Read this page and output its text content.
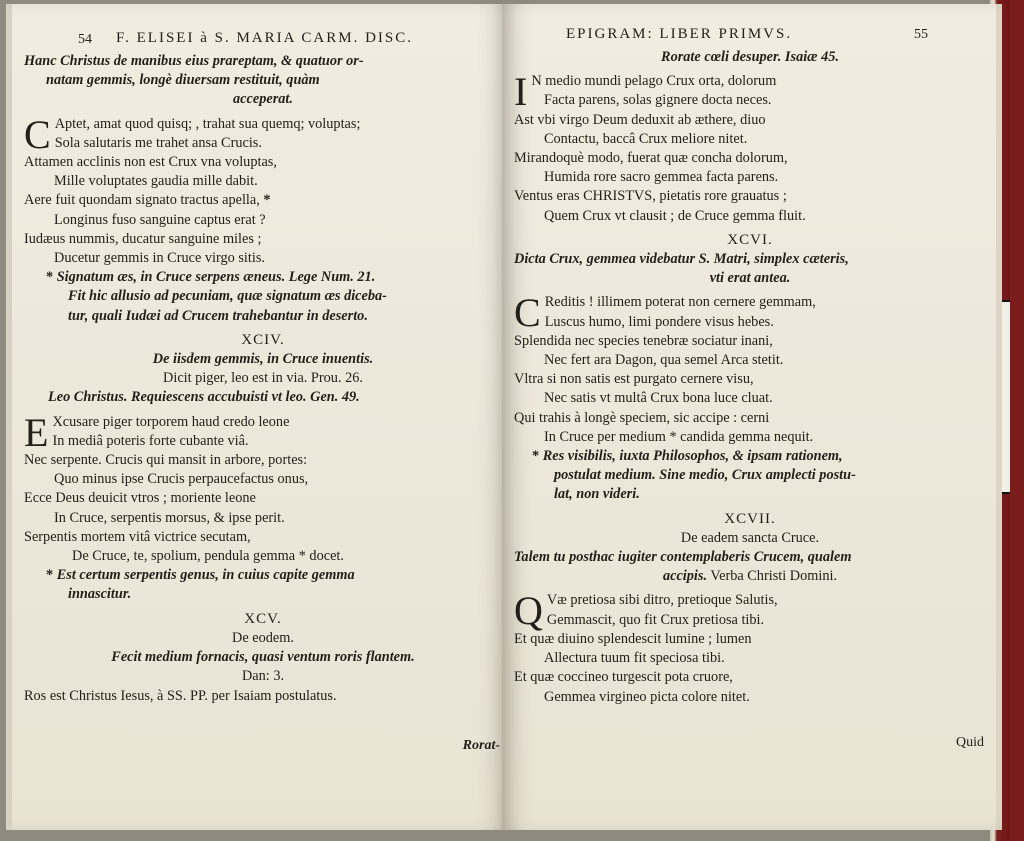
54 F. ELISEI à S. MARIA CARM. DISC.
Hanc Christus de manibus eius prareptam, & quatuor or-
natam gemmis, longè diuersam restituit, quàm
acceperat.
C Aptet, amat quod quisq; , trahat sua quemq; voluptas;
Sola salutaris me trahet ansa Crucis.
Attamen acclinis non est Crux vna voluptas,
Mille voluptates gaudia mille dabit.
Aere fuit quondam signato tractus apella, *
Longinus fuso sanguine captus erat ?
Iudæus nummis, ducatur sanguine miles ;
Ducetur gemmis in Cruce virgo sitis.
* Signatum æs, in Cruce serpens æneus. Lege Num. 21.
Fit hic allusio ad pecuniam, quæ signatum æs diceba-
tur, quali Iudæi ad Crucem trahebantur in deserto.
XCIV.
De iisdem gemmis, in Cruce inuentis.
Dicit piger, leo est in via. Prou. 26.
Leo Christus. Requiescens accubuisti vt leo. Gen. 49.
E Xcusare piger torporem haud credo leone
In mediâ poteris forte cubante viâ.
Nec serpente. Crucis qui mansit in arbore, portes:
Quo minus ipse Crucis perpaucefactus onus,
Ecce Deus deuicit vtros ; moriente leone
In Cruce, serpentis morsus, & ipse perit.
Serpentis mortem vitâ victrice secutam,
De Cruce, te, spolium, pendula gemma * docet.
* Est certum serpentis genus, in cuius capite gemma
innascitur.
XCV.
De eodem.
Fecit medium fornacis, quasi ventum roris flantem.
Dan: 3.
Ros est Christus Iesus, à SS. PP. per Isaiam postulatus.
Rorat-
EPIGRAM: LIBER PRIMVS.	55
Rorate cœli desuper. Isaiæ 45.
I N medio mundi pelago Crux orta, dolorum
Facta parens, solas gignere docta neces.
Ast vbi virgo Deum deduxit ab æthere, diuo
Contactu, baccâ Crux meliore nitet.
Mirandoquè modo, fuerat quæ concha dolorum,
Humida rore sacro gemmea facta parens.
Ventus eras CHRISTVS, pietatis rore grauatus ;
Quem Crux vt clausit ; de Cruce gemma fluit.
XCVI.
Dicta Crux, gemmea videbatur S. Matri, simplex cæteris,
vti erat antea.
C Reditis ! illimem poterat non cernere gemmam,
Luscus humo, limi pondere visus hebes.
Splendida nec species tenebræ sociatur inani,
Nec fert ara Dagon, qua semel Arca stetit.
Vltra si non satis est purgato cernere visu,
Nec satis vt multâ Crux bona luce cluat.
Qui trahis à longè speciem, sic accipe : cerni
In Cruce per medium * candida gemma nequit.
* Res visibilis, iuxta Philosophos, & ipsam rationem,
postulat medium. Sine medio, Crux amplecti postu-
lat, non videri.
XCVII.
De eadem sancta Cruce.
Talem tu posthac iugiter contemplaberis Crucem, qualem
accipis. Verba Christi Domini.
Q Væ pretiosa sibi ditro, pretioque Salutis,
Gemmascit, quo fit Crux pretiosa tibi.
Et quæ diuino splendescit lumine ; lumen
Allectura tuum fit speciosa tibi.
Et quæ coccineo turgescit pota cruore,
Gemmea virgineo picta colore nitet.
Quid
